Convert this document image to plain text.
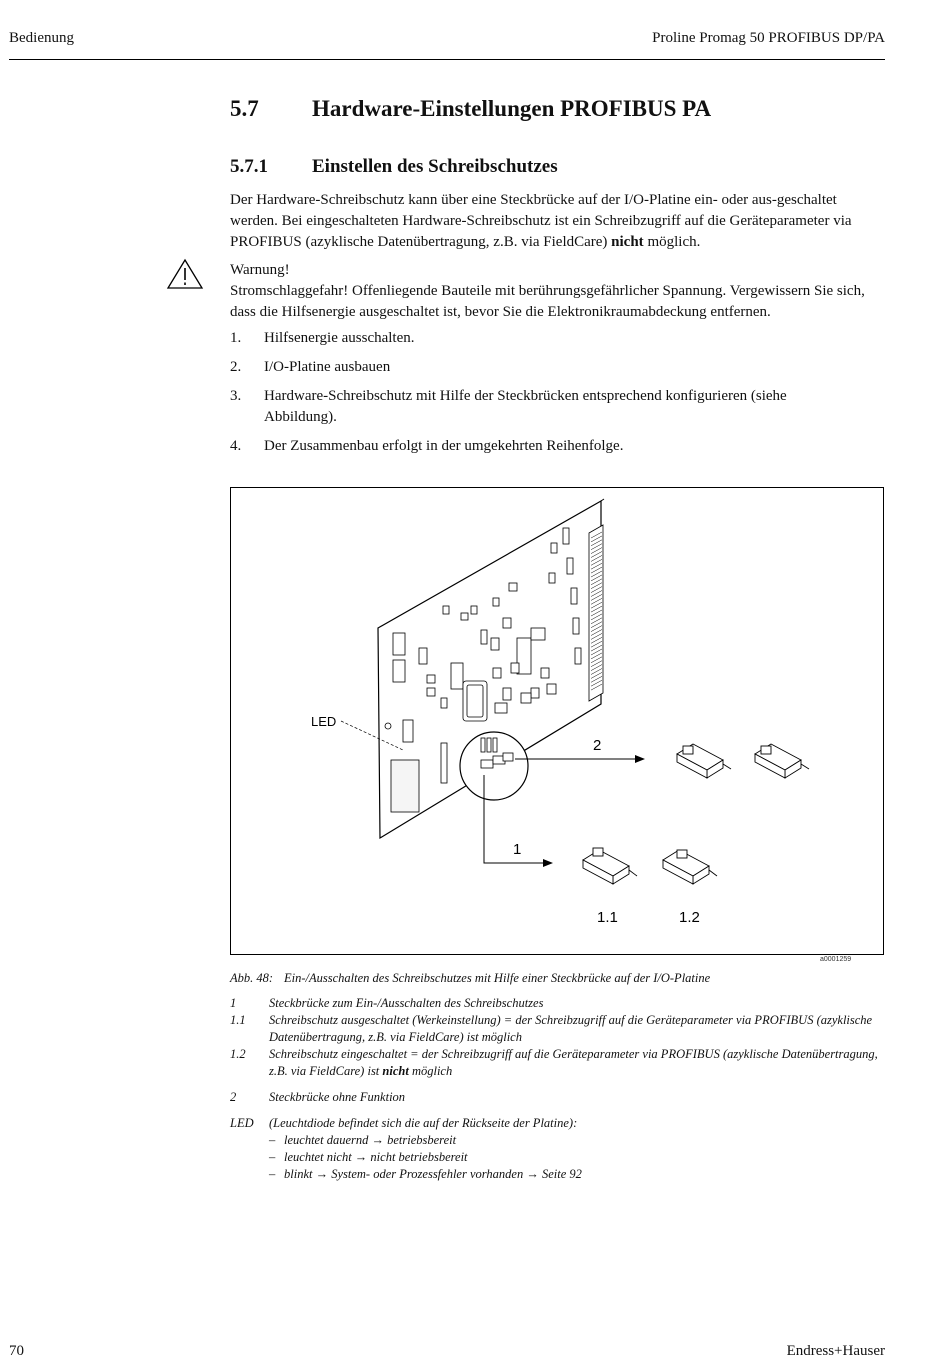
Bedienung	Proline Promag 50 PROFIBUS DP/PA
5.7 Hardware-Einstellungen PROFIBUS PA
5.7.1 Einstellen des Schreibschutzes
Der Hardware-Schreibschutz kann über eine Steckbrücke auf der I/O-Platine ein- oder aus-geschaltet werden. Bei eingeschalteten Hardware-Schreibschutz ist ein Schreibzugriff auf die Geräteparameter via PROFIBUS (azyklische Datenübertragung, z.B. via FieldCare) nicht möglich.
Warnung!
Stromschlaggefahr! Offenliegende Bauteile mit berührungsgefährlicher Spannung. Vergewissern Sie sich, dass die Hilfsenergie ausgeschaltet ist, bevor Sie die Elektronikraumabdeckung entfernen.
1.	Hilfsenergie ausschalten.
2.	I/O-Platine ausbauen
3.	Hardware-Schreibschutz mit Hilfe der Steckbrücken entsprechend konfigurieren (siehe Abbildung).
4.	Der Zusammenbau erfolgt in der umgekehrten Reihenfolge.
LED
2
1
1.1	1.2
a0001259
Abb. 48: Ein-/Ausschalten des Schreibschutzes mit Hilfe einer Steckbrücke auf der I/O-Platine
1	Steckbrücke zum Ein-/Ausschalten des Schreibschutzes
1.1	Schreibschutz ausgeschaltet (Werkeinstellung) = der Schreibzugriff auf die Geräteparameter via PROFIBUS (azyklische Datenübertragung, z.B. via FieldCare) ist möglich
1.2	Schreibschutz eingeschaltet = der Schreibzugriff auf die Geräteparameter via PROFIBUS (azyklische Datenübertragung, z.B. via FieldCare) ist nicht möglich
2	Steckbrücke ohne Funktion
LED	(Leuchtdiode befindet sich die auf der Rückseite der Platine):
– leuchtet dauernd → betriebsbereit
– leuchtet nicht → nicht betriebsbereit
– blinkt → System- oder Prozessfehler vorhanden → Seite 92
70	Endress+Hauser
